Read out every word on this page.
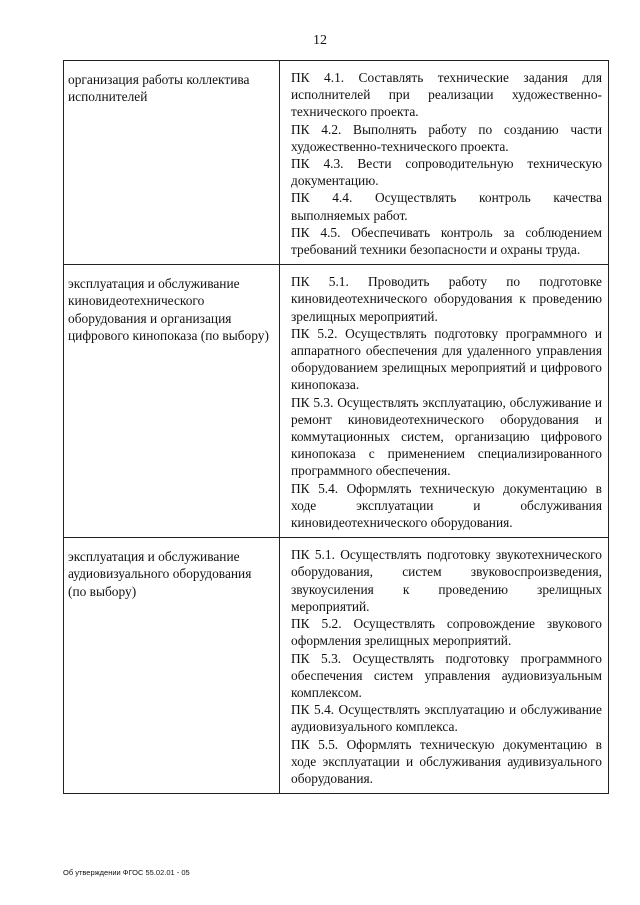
12
организация работы коллектива исполнителей	ПК 4.1. Составлять технические задания для исполнителей при реализации художественно-технического проекта.

ПК 4.2. Выполнять работу по созданию части художественно-технического проекта.

ПК 4.3. Вести сопроводительную техническую документацию.

ПК 4.4. Осуществлять контроль качества выполняемых работ.

ПК 4.5. Обеспечивать контроль за соблюдением требований техники безопасности и охраны труда.

эксплуатация и обслуживание киновидеотехнического оборудования и организация цифрового кинопоказа (по выбору)	ПК 5.1. Проводить работу по подготовке киновидеотехнического оборудования к проведению зрелищных мероприятий.

ПК 5.2. Осуществлять подготовку программного и аппаратного обеспечения для удаленного управления оборудованием зрелищных мероприятий и цифрового кинопоказа.

ПК 5.3. Осуществлять эксплуатацию, обслуживание и ремонт киновидеотехнического оборудования и коммутационных систем, организацию цифрового кинопоказа с применением специализированного программного обеспечения.

ПК 5.4. Оформлять техническую документацию в ходе эксплуатации и обслуживания киновидеотехнического оборудования.

эксплуатация и обслуживание аудиовизуального оборудования (по выбору)	ПК 5.1. Осуществлять подготовку звукотехнического оборудования, систем звуковоспроизведения, звукоусиления к проведению зрелищных мероприятий.

ПК 5.2. Осуществлять сопровождение звукового оформления зрелищных мероприятий.

ПК 5.3. Осуществлять подготовку программного обеспечения систем управления аудиовизуальным комплексом.

ПК 5.4. Осуществлять эксплуатацию и обслуживание аудиовизуального комплекса.

ПК 5.5. Оформлять техническую документацию в ходе эксплуатации и обслуживания аудивизуального оборудования.

Об утверждении ФГОС 55.02.01 - 05
